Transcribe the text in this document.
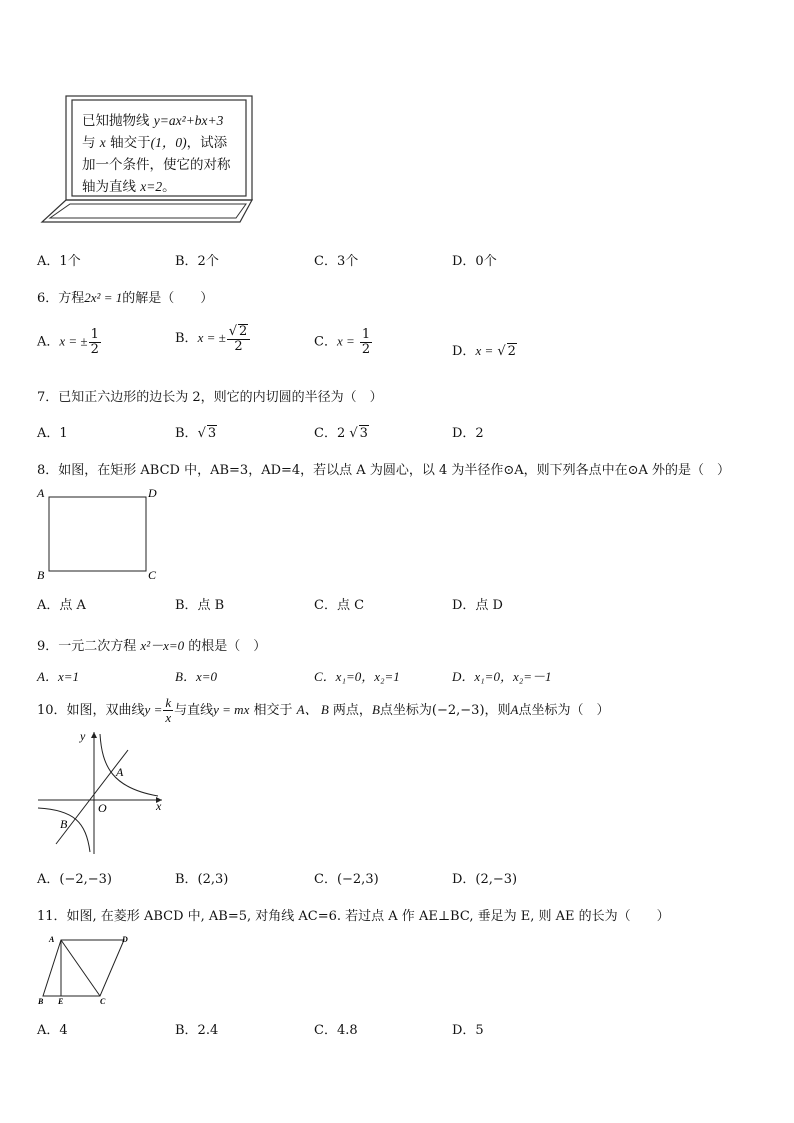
已知抛物线 y=ax²+bx+3
与 x 轴交于(1，0)，试添
加一个条件，使它的对称
轴为直线 x=2。
A．1个	B．2个	C．3个	D．0个
6．方程2x² = 1的解是（　　）
A．x = ± $\frac{1}{2}$	B．x = ± $\frac{√ 2}{2}$	C．$x = \frac{1}{2}$	D．x = √ 2
7．已知正六边形的边长为 2，则它的内切圆的半径为（　）
A．1	B．√ 3	C．2 √ 3	D．2
8．如图，在矩形 ABCD 中，AB=3，AD=4，若以点 A 为圆心，以 4 为半径作⊙A，则下列各点中在⊙A 外的是（　）
A	D
B	C
A．点 A	B．点 B	C．点 C	D．点 D
9．一元二次方程 x²－x=0 的根是（　）
A．x=1	B．x=0	C．x₁=0，x₂=1	D．x₁=0，x₂=－1
10．如图，双曲线$y = \frac{k}{x}$ 与直线y = mx 相交于 A、 B 两点，B点坐标为(−2,−3)，则A点坐标为（　）
y
x
O
A
B
A．(−2,−3)	B．(2,3)	C．(−2,3)	D．(2,−3)
11．如图, 在菱形 ABCD 中, AB=5, 对角线 AC=6. 若过点 A 作 AE⊥BC, 垂足为 E, 则 AE 的长为（　　）
A	D
B E	C
A．4	B．2.4	C．4.8	D．5
